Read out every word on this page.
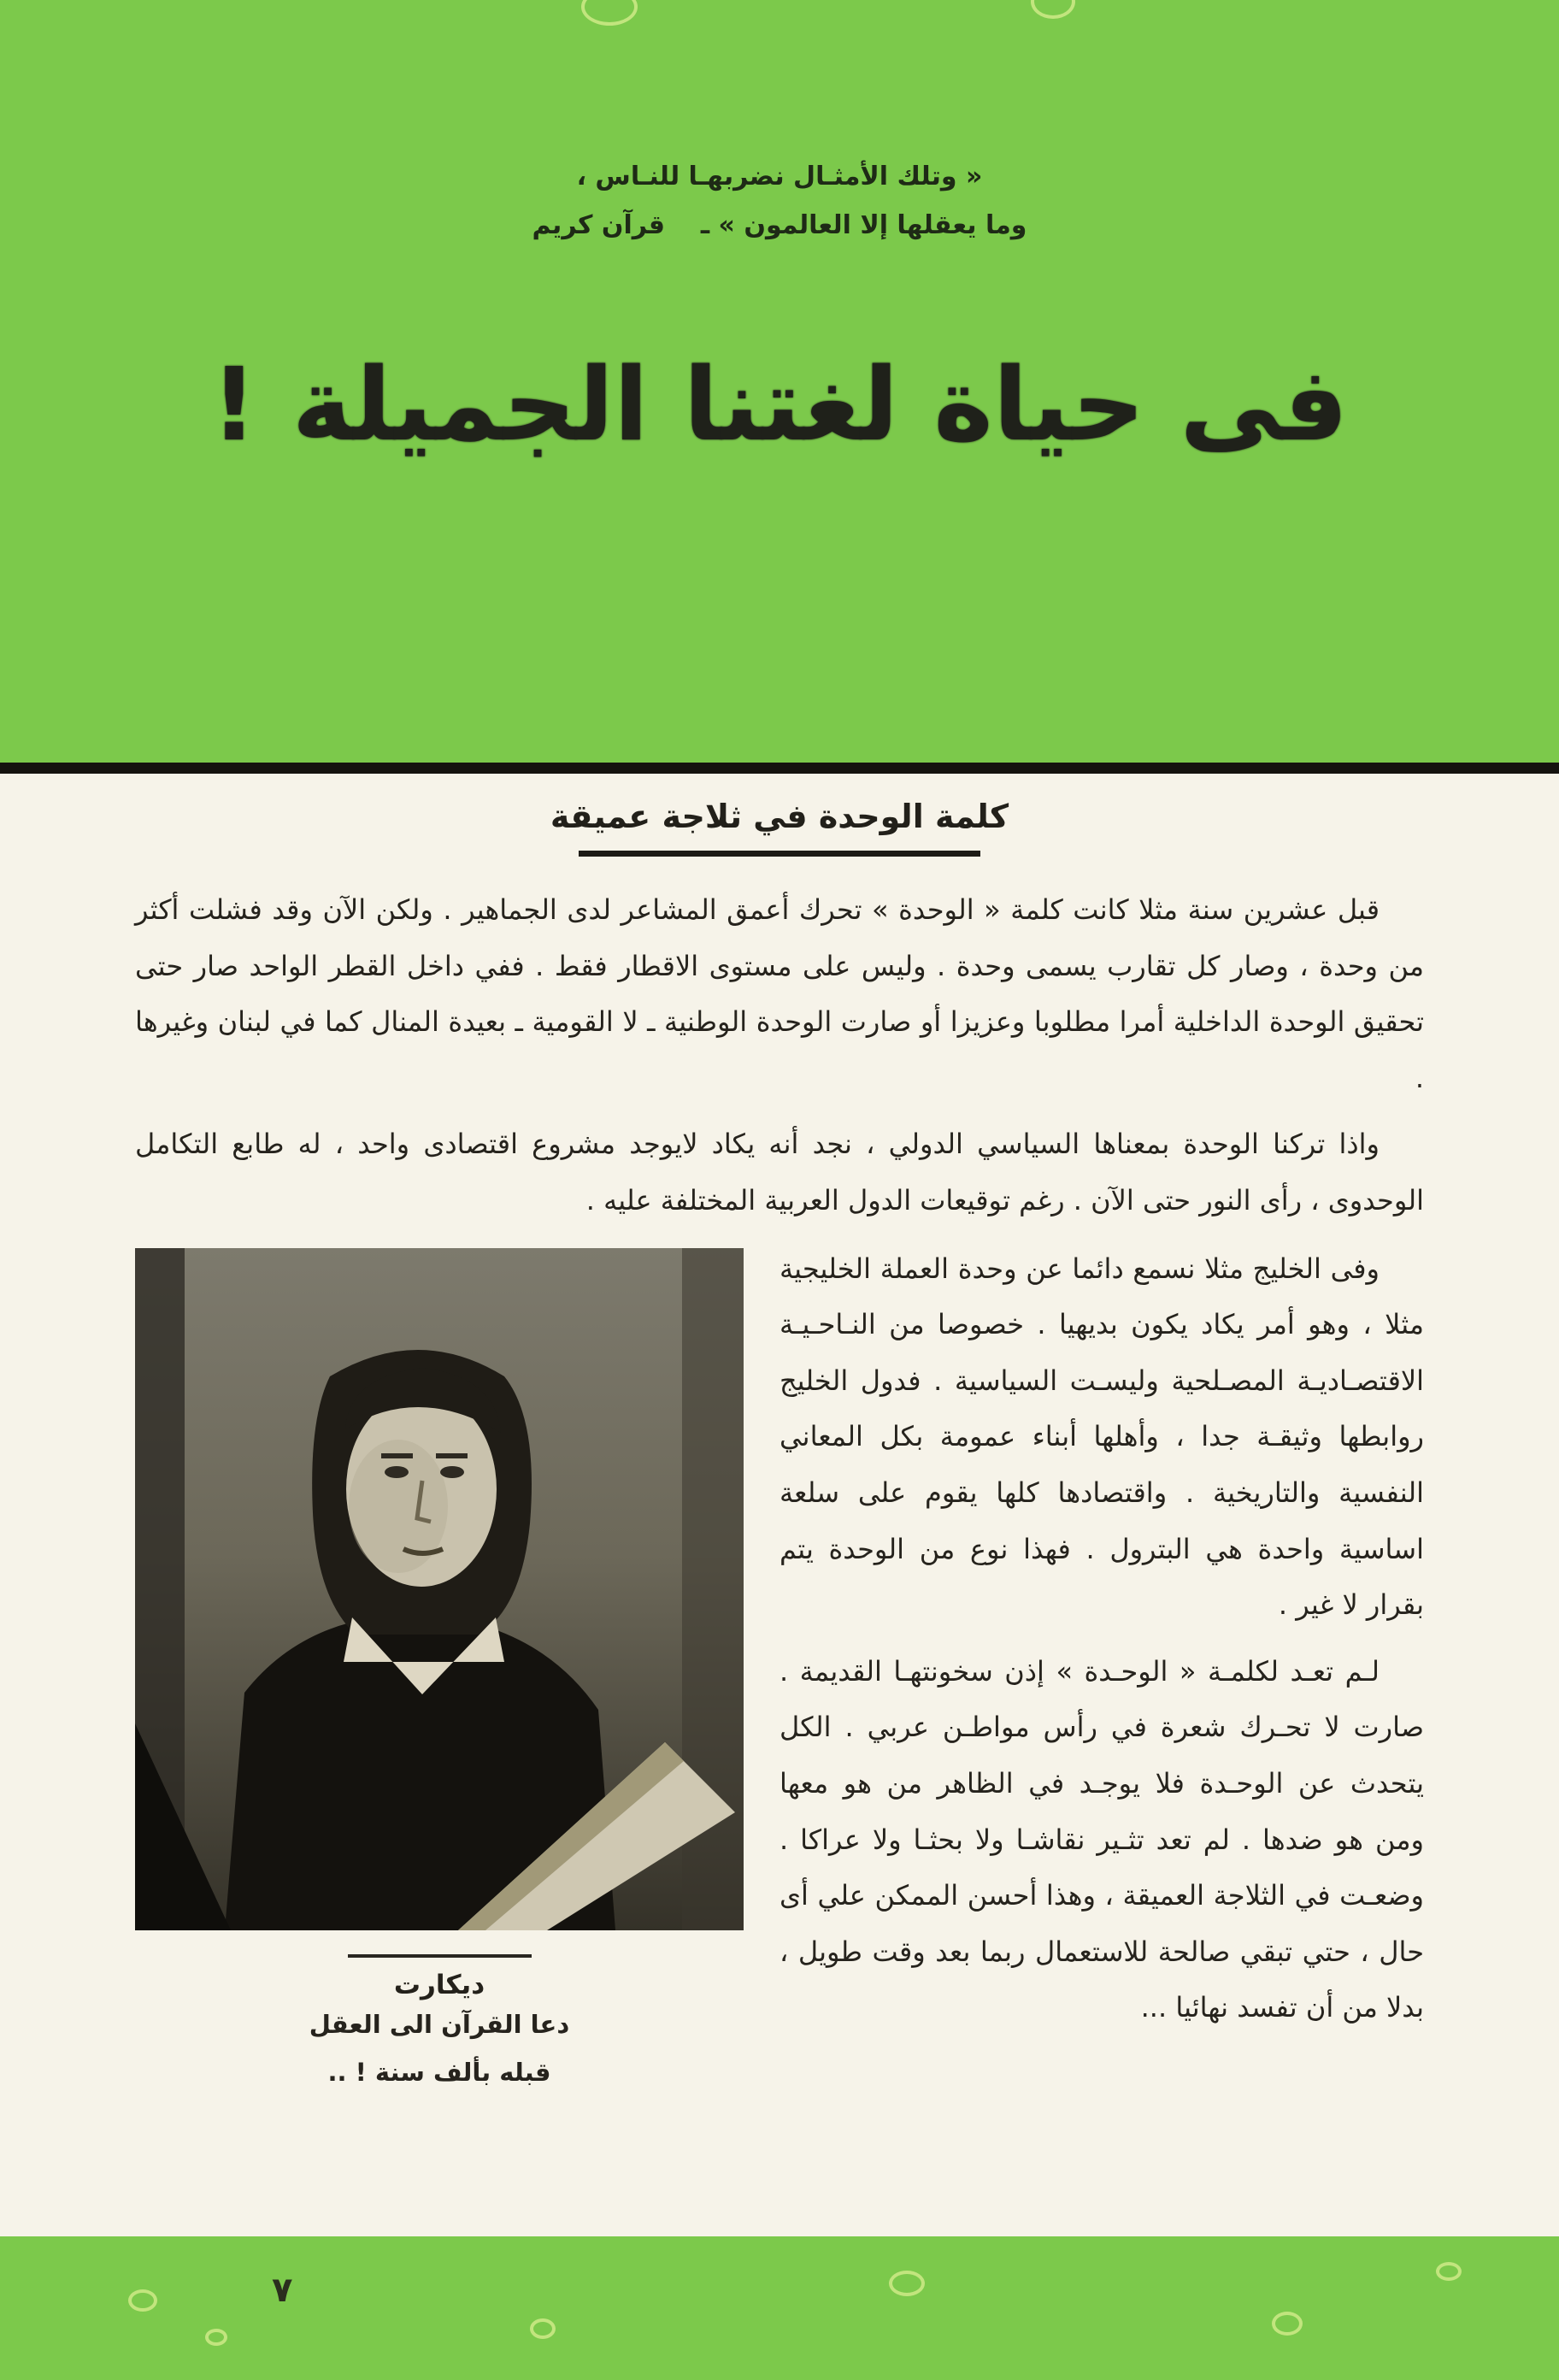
« وتلك الأمثـال نضربهـا للنـاس ،
وما يعقلها إلا العالمون » ـ    قرآن كريم
فى حياة لغتنا الجميلة !
كلمة الوحدة في ثلاجة عميقة

قبل عشرين سنة مثلا كانت كلمة « الوحدة » تحرك أعمق المشاعر لدى الجماهير . ولكن الآن وقد فشلت أكثر من وحدة ، وصار كل تقارب يسمى وحدة . وليس على مستوى الاقطار فقط . ففي داخل القطر الواحد صار حتى تحقيق الوحدة الداخلية أمرا مطلوبا وعزيزا أو صارت الوحدة الوطنية ـ لا القومية ـ بعيدة المنال كما في لبنان وغيرها .

واذا تركنا الوحدة بمعناها السياسي الدولي ، نجد أنه يكاد لايوجد مشروع اقتصادى واحد ، له طابع التكامل الوحدوى ، رأى النور حتى الآن . رغم توقيعات الدول العربية المختلفة عليه .

ديكارت
دعا القرآن الى العقل
قبله بألف سنة ! ..

وفى الخليج مثلا نسمع دائما عن وحدة العملة الخليجية مثلا ، وهو أمر يكاد يكون بديهيا . خصوصا من النـاحـيـة الاقتصـاديـة المصـلحية وليسـت السياسية . فدول الخليج روابطها وثيقـة جدا ، وأهلها أبناء عمومة بكل المعاني النفسية والتاريخية . واقتصادها كلها يقوم على سلعة اساسية واحدة هي البترول . فهذا نوع من الوحدة يتم بقرار لا غير .

لـم تعـد لكلمـة « الوحـدة » إذن سخونتهـا القديمة . صارت لا تحـرك شعرة في رأس مواطـن عربي . الكل يتحدث عن الوحـدة فلا يوجـد في الظاهر من هو معها ومن هو ضدها . لم تعد تثـير نقاشـا ولا بحثـا ولا عراكا . وضعـت في الثلاجة العميقة ، وهذا أحسن الممكن علي أى حال ، حتي تبقي صالحة للاستعمال ربما بعد وقت طويل ، بدلا من أن تفسد نهائيا ...

٧
